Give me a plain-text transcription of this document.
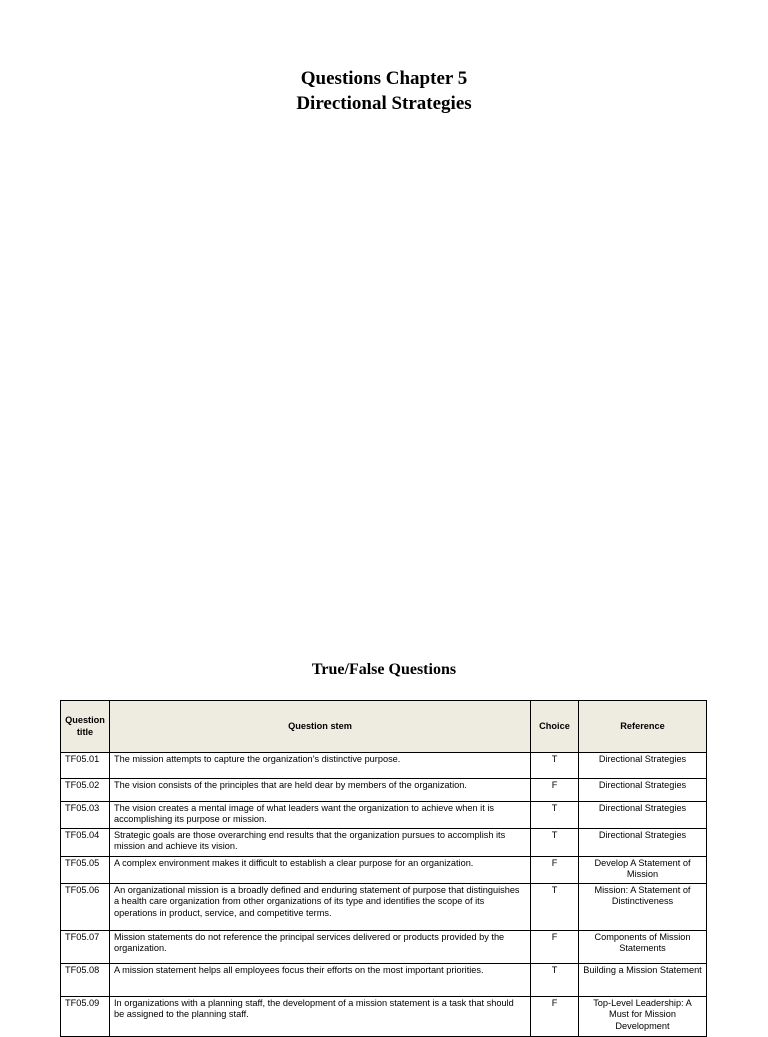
Questions Chapter 5
Directional Strategies
True/False Questions
Question title	Question stem	Choice	Reference
TF05.01	The mission attempts to capture the organization’s distinctive purpose.	T	Directional Strategies
TF05.02	The vision consists of the principles that are held dear by members of the organization.	F	Directional Strategies
TF05.03	The vision creates a mental image of what leaders want the organization to achieve when it is accomplishing its purpose or mission.	T	Directional Strategies
TF05.04	Strategic goals are those overarching end results that the organization pursues to accomplish its mission and achieve its vision.	T	Directional Strategies
TF05.05	A complex environment makes it difficult to establish a clear purpose for an organization.	F	Develop A Statement of Mission
TF05.06	An organizational mission is a broadly defined and enduring statement of purpose that distinguishes a health care organization from other organizations of its type and identifies the scope of its operations in product, service, and competitive terms.	T	Mission: A Statement of Distinctiveness
TF05.07	Mission statements do not reference the principal services delivered or products provided by the organization.	F	Components of Mission Statements
TF05.08	A mission statement helps all employees focus their efforts on the most important priorities.	T	Building a Mission Statement
TF05.09	In organizations with a planning staff, the development of a mission statement is a task that should be assigned to the planning staff.	F	Top-Level Leadership: A Must for Mission Development
